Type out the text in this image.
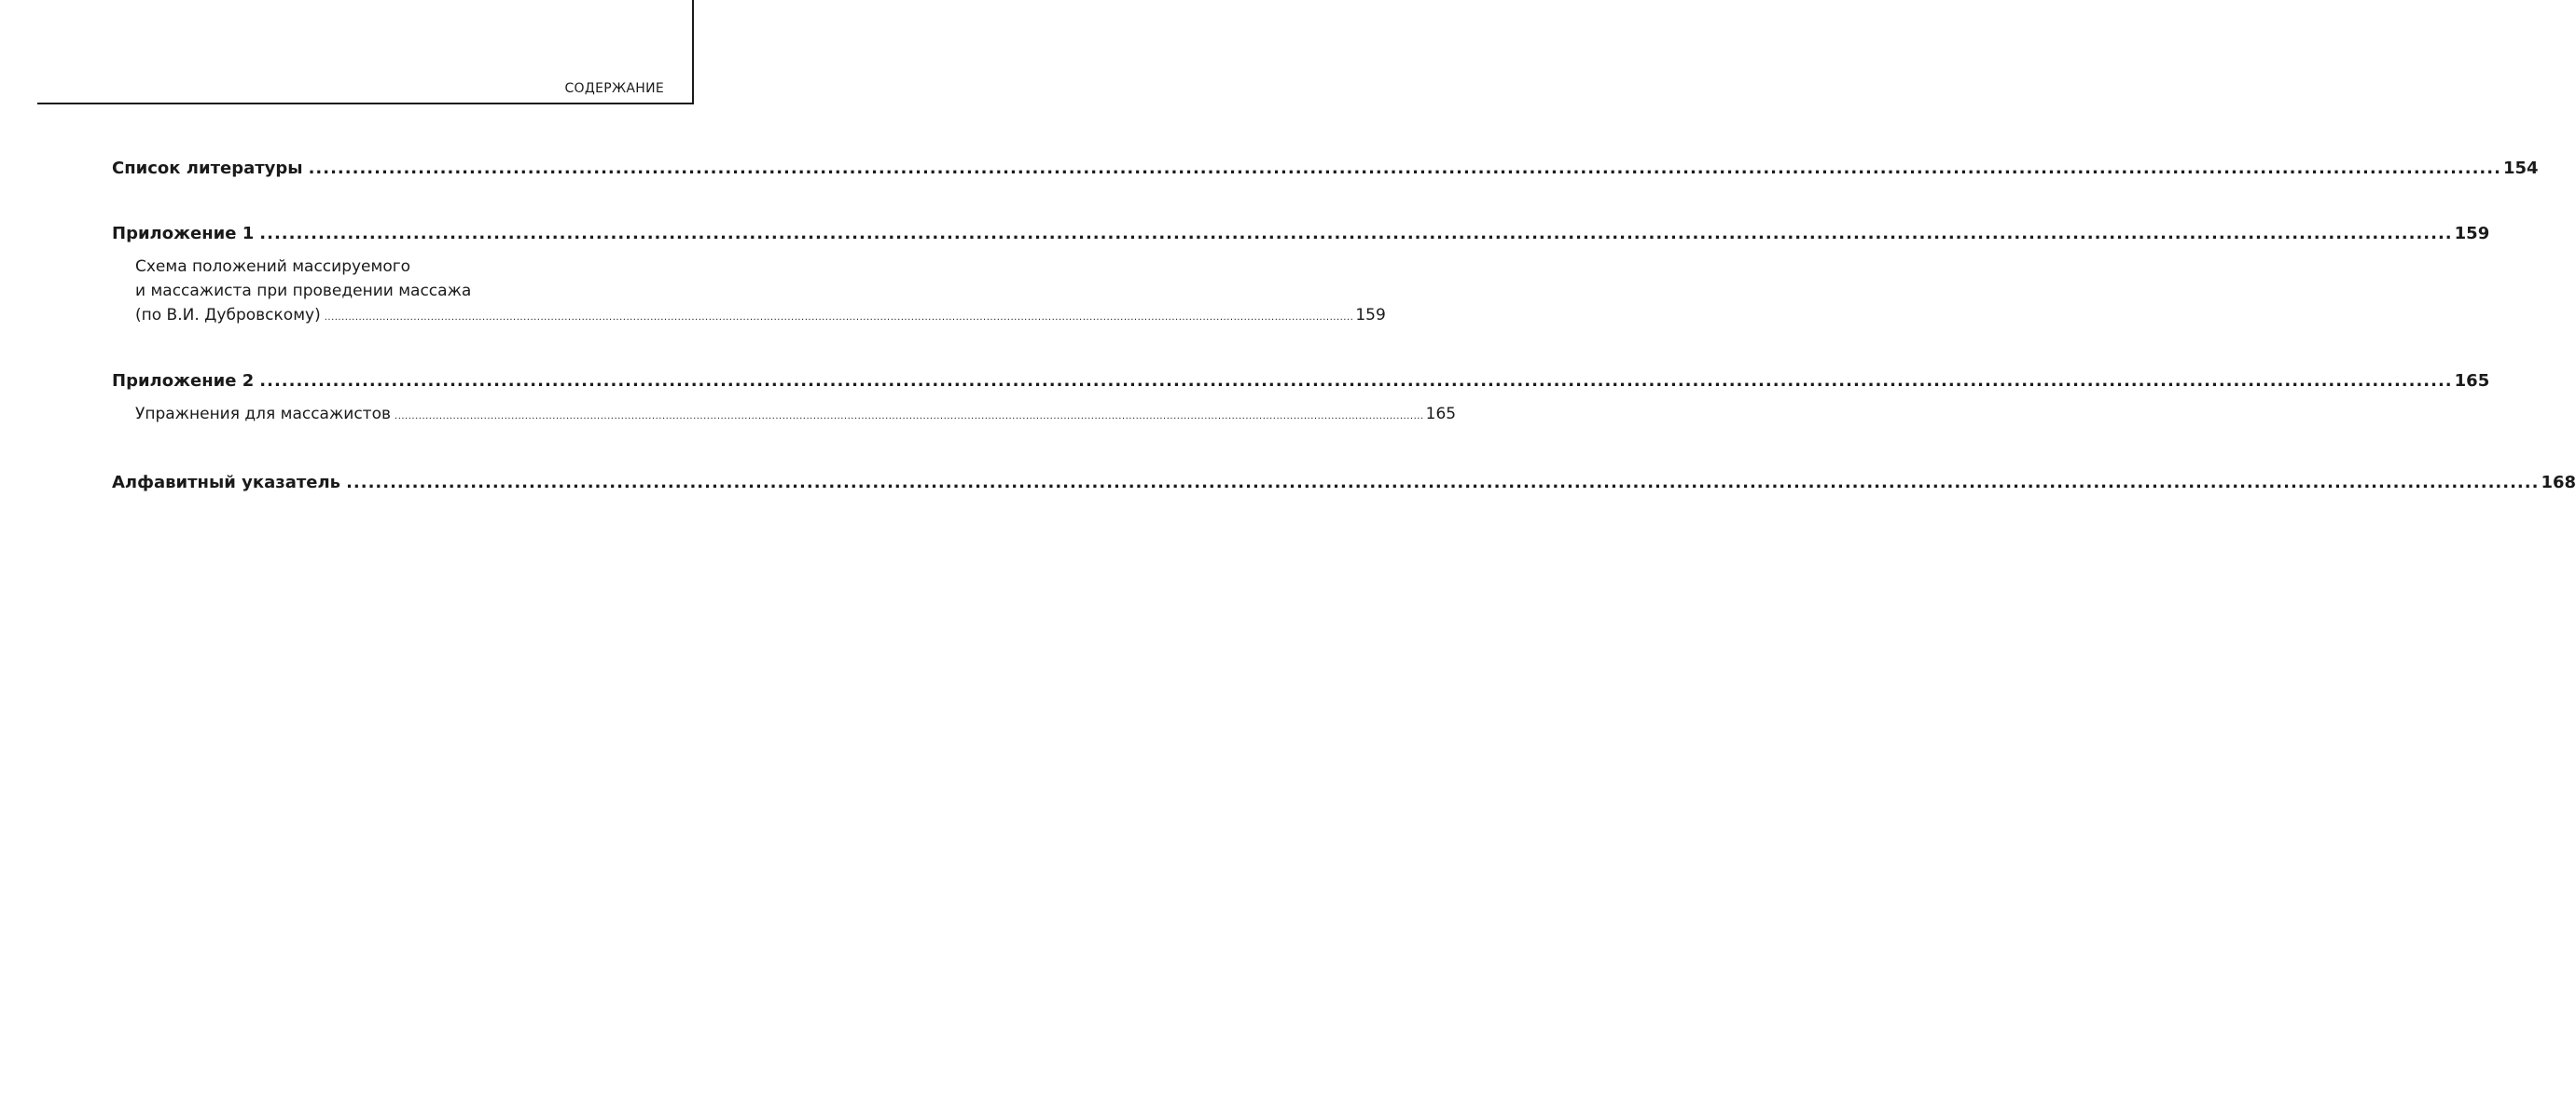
СОДЕРЖАНИЕ
Список литературы ............................................................................................................................................................................................................................................................................................................ 154
Приложение 1 ............................................................................................................................................................................................................................................................................................................ 159
Схема положений массируемого
и массажиста при проведении массажа
(по В.И. Дубровскому) ............................................................................................................................................................................................................................................................................................................ 159
Приложение 2 ............................................................................................................................................................................................................................................................................................................ 165
Упражнения для массажистов ............................................................................................................................................................................................................................................................................................................ 165
Алфавитный указатель ............................................................................................................................................................................................................................................................................................................ 168
